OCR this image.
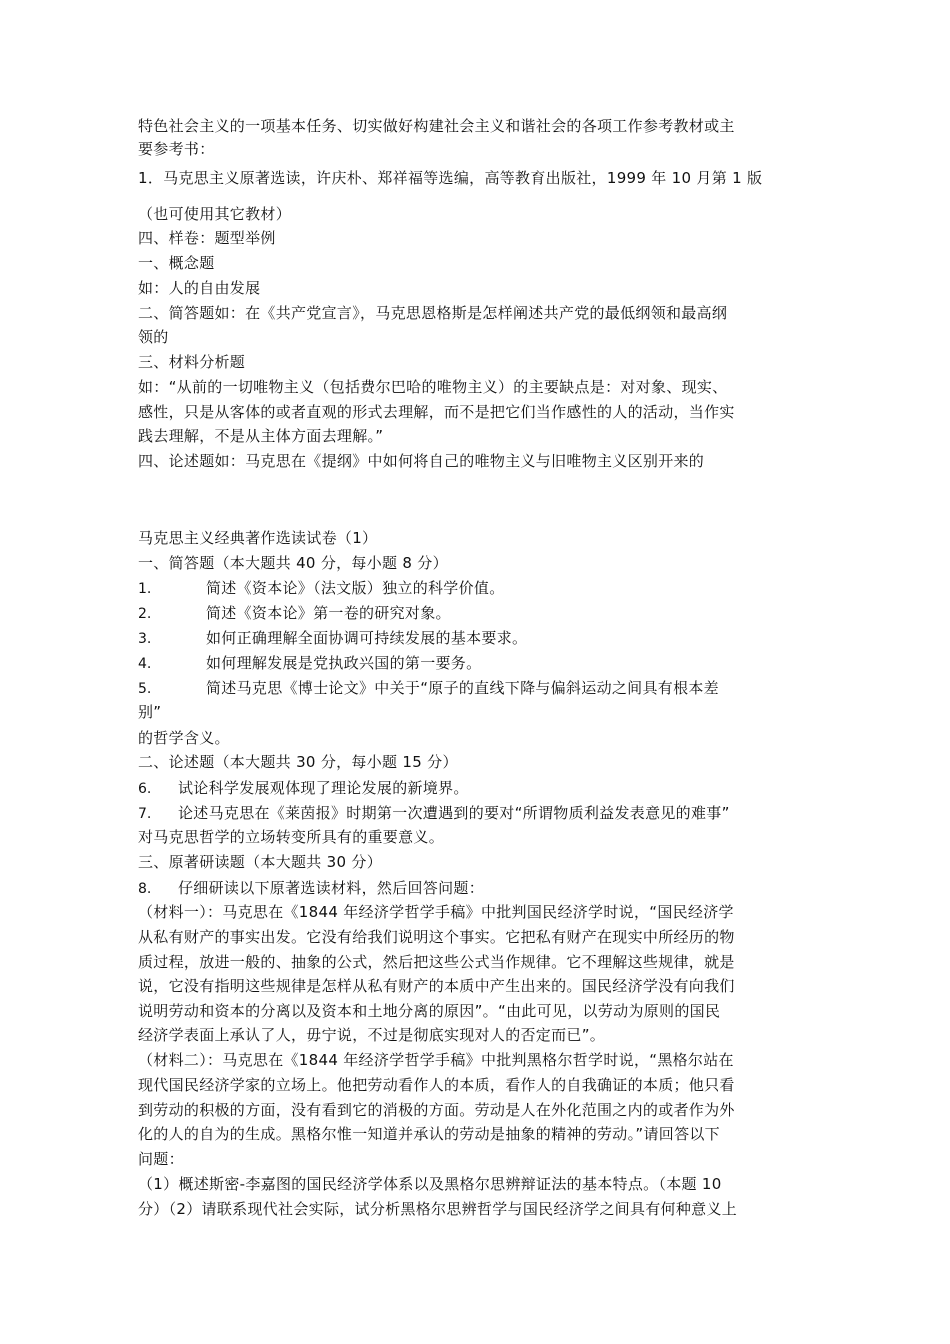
特色社会主义的一项基本任务、切实做好构建社会主义和谐社会的各项工作参考教材或主
要参考书：
1．马克思主义原著选读，许庆朴、郑祥福等选编，高等教育出版社，1999 年 10 月第 1 版
（也可使用其它教材）
四、样卷：题型举例
一、概念题
如：人的自由发展
二、简答题如：在《共产党宣言》，马克思恩格斯是怎样阐述共产党的最低纲领和最高纲
领的
三、材料分析题
如：“从前的一切唯物主义（包括费尔巴哈的唯物主义）的主要缺点是：对对象、现实、
感性，只是从客体的或者直观的形式去理解，而不是把它们当作感性的人的活动，当作实
践去理解，不是从主体方面去理解。”
四、论述题如：马克思在《提纲》中如何将自己的唯物主义与旧唯物主义区别开来的
马克思主义经典著作选读试卷（1）
一、简答题（本大题共 40 分，每小题 8 分）
1.	简述《资本论》（法文版）独立的科学价值。
2.	简述《资本论》第一卷的研究对象。
3.	如何正确理解全面协调可持续发展的基本要求。
4.	如何理解发展是党执政兴国的第一要务。
5.	简述马克思《博士论文》中关于“原子的直线下降与偏斜运动之间具有根本差
别”
的哲学含义。
二、论述题（本大题共 30 分，每小题 15 分）
6. 试论科学发展观体现了理论发展的新境界。
7. 论述马克思在《莱茵报》时期第一次遭遇到的要对“所谓物质利益发表意见的难事”
对马克思哲学的立场转变所具有的重要意义。
三、原著研读题（本大题共 30 分）
8. 仔细研读以下原著选读材料，然后回答问题：
（材料一）：马克思在《1844 年经济学哲学手稿》中批判国民经济学时说，“国民经济学
从私有财产的事实出发。它没有给我们说明这个事实。它把私有财产在现实中所经历的物
质过程，放进一般的、抽象的公式，然后把这些公式当作规律。它不理解这些规律，就是
说，它没有指明这些规律是怎样从私有财产的本质中产生出来的。国民经济学没有向我们
说明劳动和资本的分离以及资本和土地分离的原因”。“由此可见，以劳动为原则的国民
经济学表面上承认了人，毋宁说，不过是彻底实现对人的否定而已”。
（材料二）：马克思在《1844 年经济学哲学手稿》中批判黑格尔哲学时说，“黑格尔站在
现代国民经济学家的立场上。他把劳动看作人的本质，看作人的自我确证的本质；他只看
到劳动的积极的方面，没有看到它的消极的方面。劳动是人在外化范围之内的或者作为外
化的人的自为的生成。黑格尔惟一知道并承认的劳动是抽象的精神的劳动。”请回答以下
问题：
（1）概述斯密-李嘉图的国民经济学体系以及黑格尔思辨辩证法的基本特点。（本题 10
分）（2）请联系现代社会实际，试分析黑格尔思辨哲学与国民经济学之间具有何种意义上
